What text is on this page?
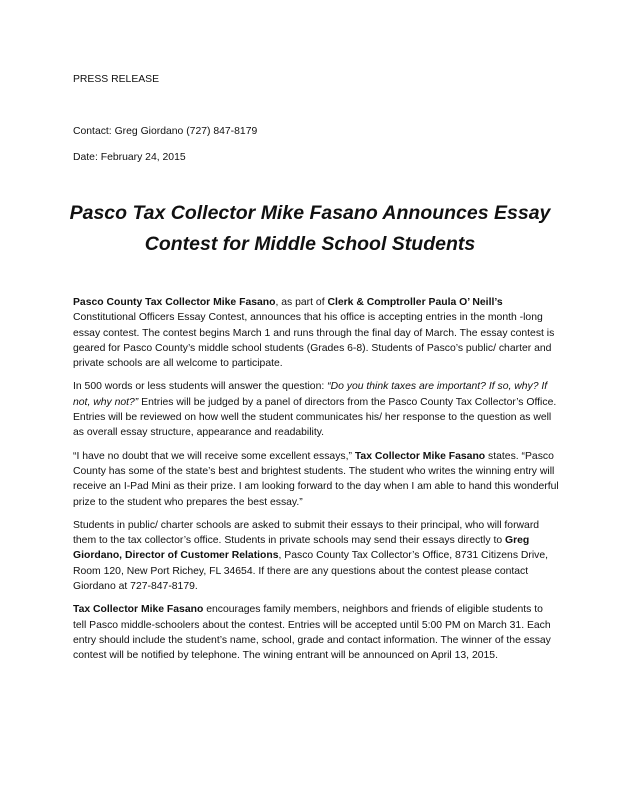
PRESS RELEASE
Contact: Greg Giordano (727) 847-8179
Date: February 24, 2015
Pasco Tax Collector Mike Fasano Announces Essay
Contest for Middle School Students

Pasco County Tax Collector Mike Fasano, as part of Clerk & Comptroller Paula O’ Neill’s Constitutional Officers Essay Contest, announces that his office is accepting entries in the month -long essay contest. The contest begins March 1 and runs through the final day of March. The essay contest is geared for Pasco County’s middle school students (Grades 6-8). Students of Pasco’s public/ charter and private schools are all welcome to participate.

In 500 words or less students will answer the question: “Do you think taxes are important? If so, why? If not, why not?” Entries will be judged by a panel of directors from the Pasco County Tax Collector’s Office. Entries will be reviewed on how well the student communicates his/ her response to the question as well as overall essay structure, appearance and readability.

“I have no doubt that we will receive some excellent essays,” Tax Collector Mike Fasano states. “Pasco County has some of the state’s best and brightest students. The student who writes the winning entry will receive an I-Pad Mini as their prize. I am looking forward to the day when I am able to hand this wonderful prize to the student who prepares the best essay.”

Students in public/ charter schools are asked to submit their essays to their principal, who will forward them to the tax collector’s office. Students in private schools may send their essays directly to Greg Giordano, Director of Customer Relations, Pasco County Tax Collector’s Office, 8731 Citizens Drive, Room 120, New Port Richey, FL 34654. If there are any questions about the contest please contact Giordano at 727-847-8179.

Tax Collector Mike Fasano encourages family members, neighbors and friends of eligible students to tell Pasco middle-schoolers about the contest. Entries will be accepted until 5:00 PM on March 31. Each entry should include the student’s name, school, grade and contact information. The winner of the essay contest will be notified by telephone. The wining entrant will be announced on April 13, 2015.
